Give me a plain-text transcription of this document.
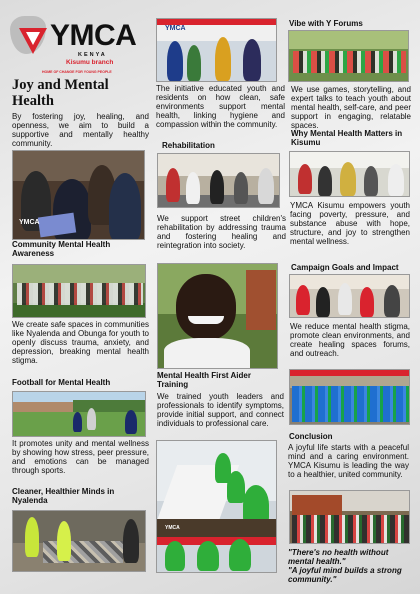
YMCA
KENYA
Kisumu branch
HOME OF CHANGE FOR YOUNG PEOPLE
Joy and Mental Health
By fostering joy, healing, and openness, we aim to build a supportive and mentally healthy community.
YMCA
Community Mental Health Awareness
We create safe spaces in communities like Nyalenda and Obunga for youth to openly discuss trauma, anxiety, and depression, breaking mental health stigma.
Football for Mental Health
It promotes unity and mental wellness by showing how stress, peer pressure, and emotions can be managed through sports.
Cleaner, Healthier Minds in Nyalenda
YMCA
The initiative educated youth and residents on how clean, safe environments support mental health, linking hygiene and compassion within the community.
Rehabilitation
We support street children's rehabilitation by addressing trauma and fostering healing and reintegration into society.
Mental Health First Aider Training
We trained youth leaders and professionals to identify symptoms, provide initial support, and connect individuals to professional care.
YMCA
Vibe with Y Forums
We use games, storytelling, and expert talks to teach youth about mental health, self-care, and peer support in engaging, relatable spaces.
Why Mental Health Matters in Kisumu
YMCA Kisumu empowers youth facing poverty, pressure, and substance abuse with hope, structure, and joy to strengthen mental wellness.
Campaign Goals and Impact
We reduce mental health stigma, promote clean environments, and create healing spaces forums, and outreach.
Conclusion
A joyful life starts with a peaceful mind and a caring environment. YMCA Kisumu is leading the way to a healthier, united community.
"There's no health without mental health."
"A joyful mind builds a strong community."
